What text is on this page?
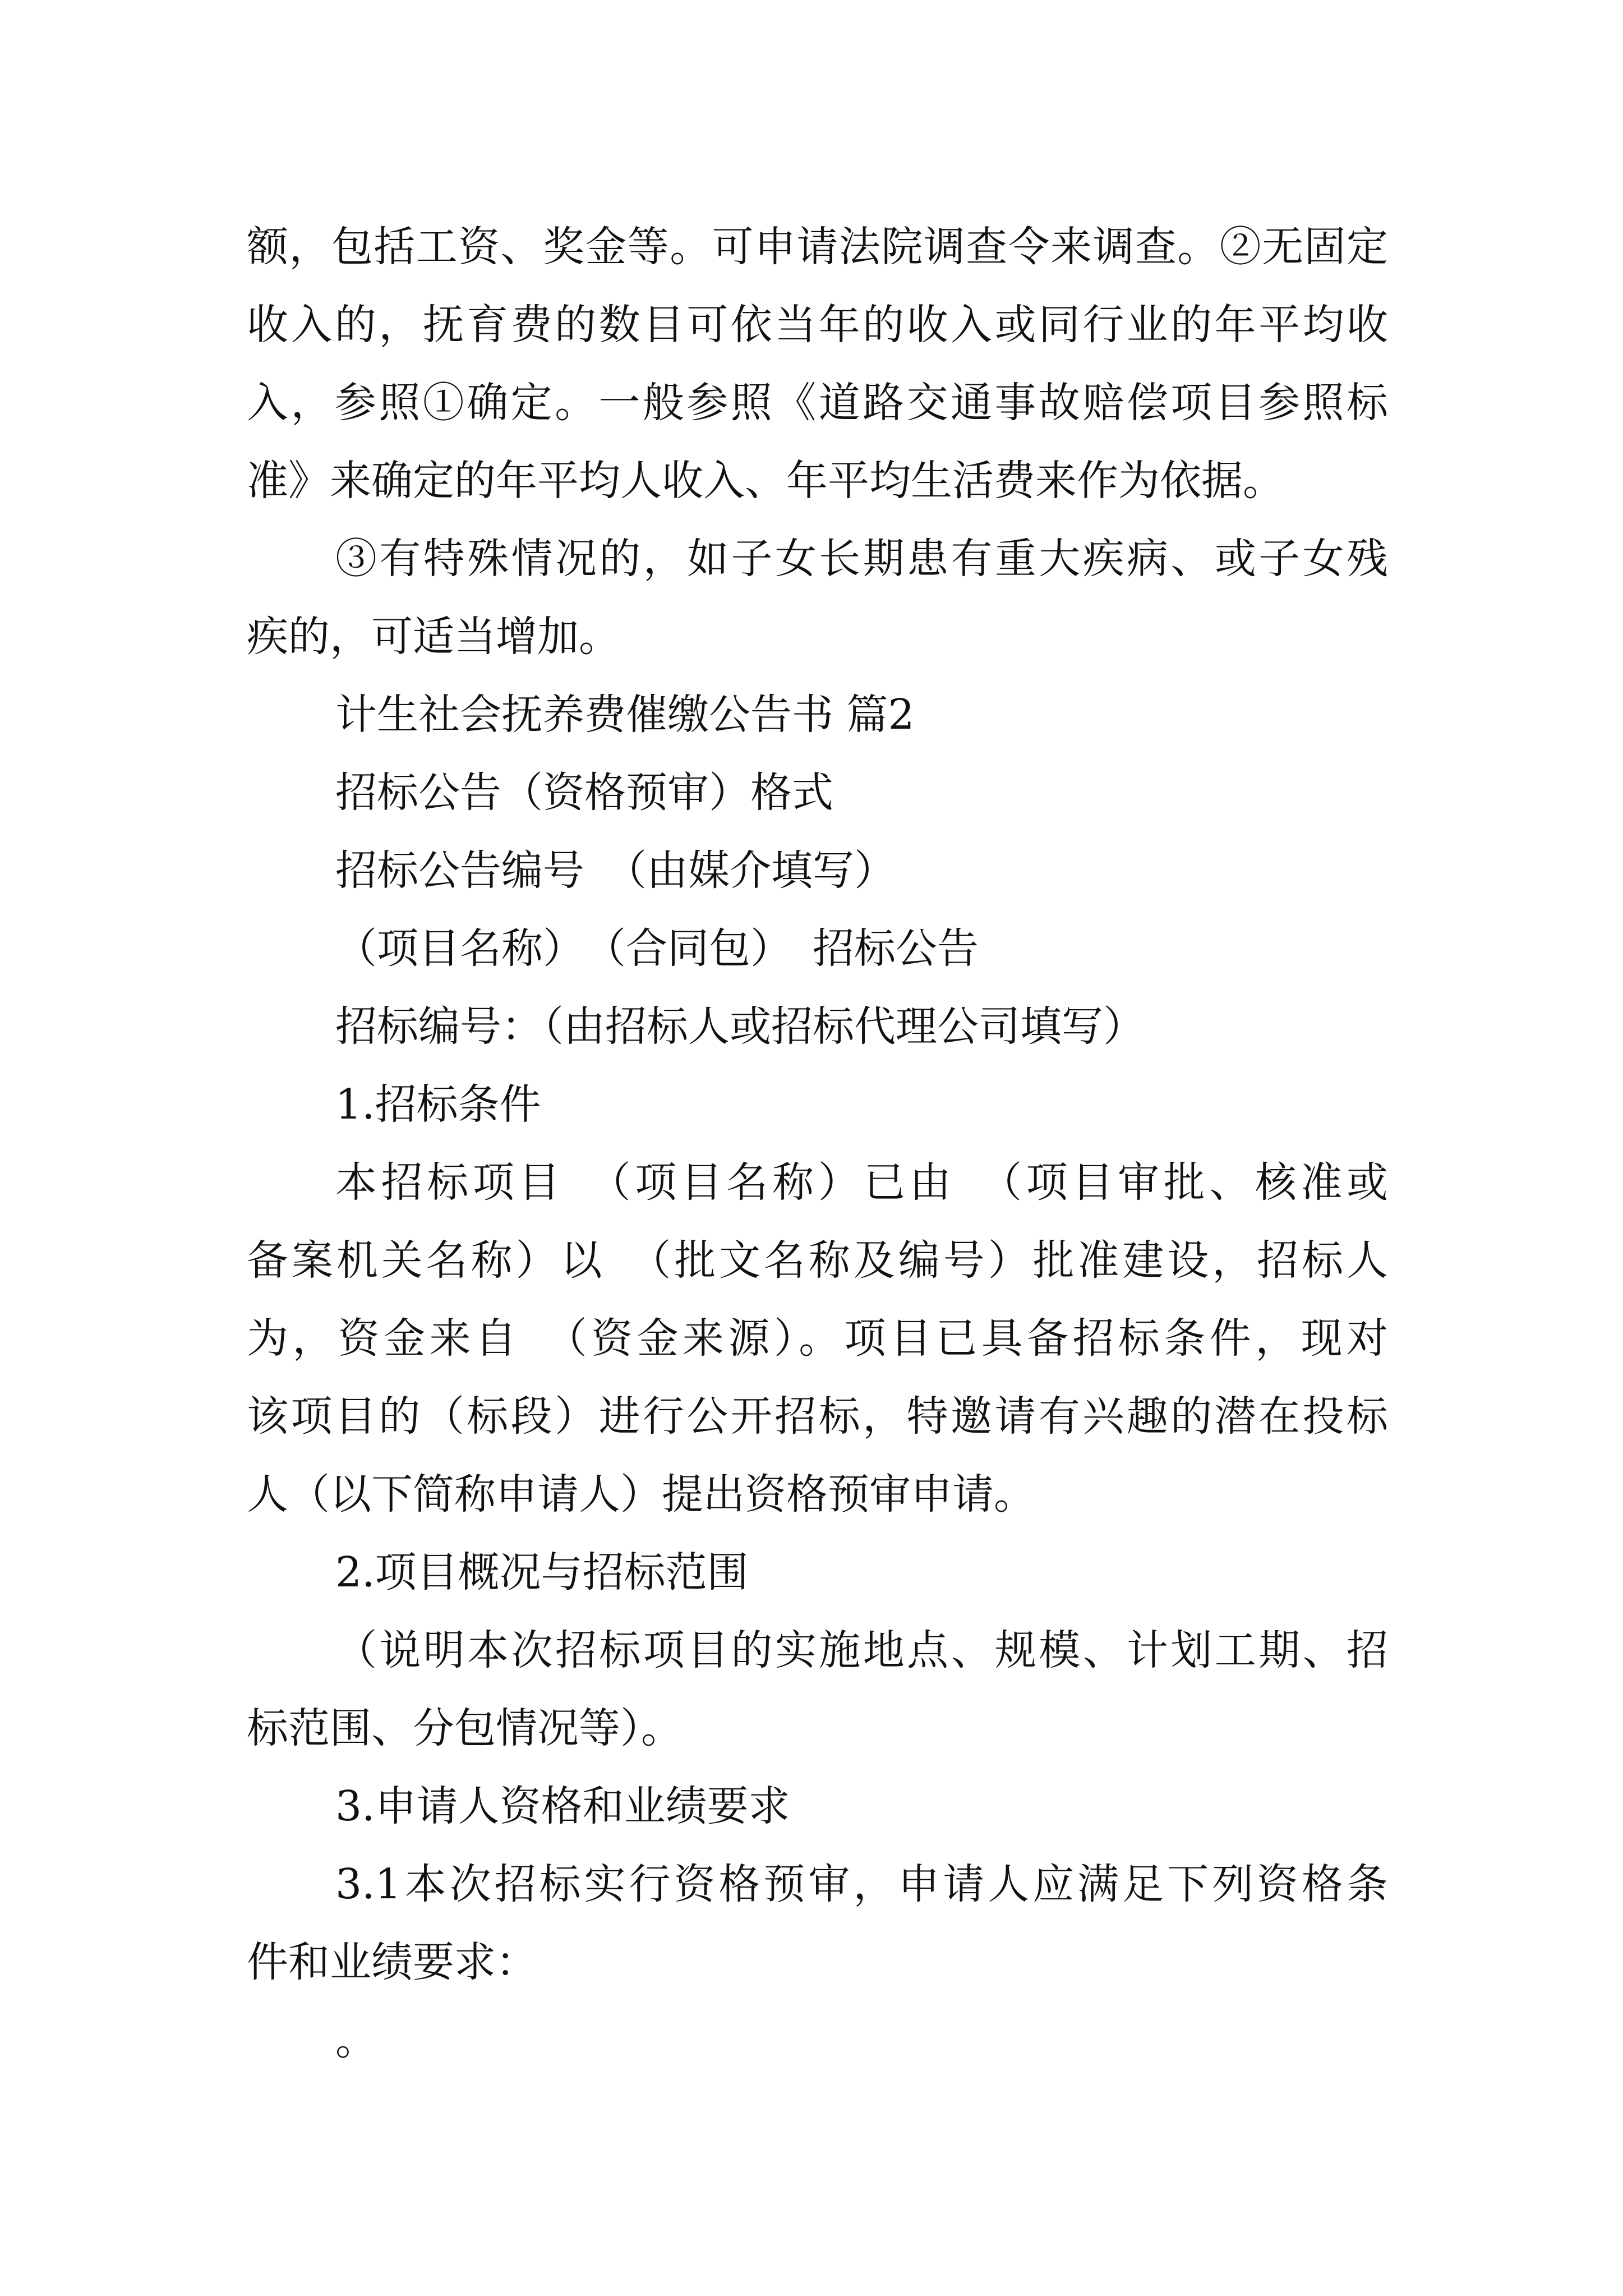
额，包括工资、奖金等。可申请法院调查令来调查。②无固定
收入的，抚育费的数目可依当年的收入或同行业的年平均收
入，参照①确定。一般参照《道路交通事故赔偿项目参照标
准》来确定的年平均人收入、年平均生活费来作为依据。
③有特殊情况的，如子女长期患有重大疾病、或子女残
疾的，可适当增加。
计生社会抚养费催缴公告书 篇2
招标公告（资格预审）格式
招标公告编号　（由媒介填写）
（项目名称）　（合同包）　招标公告
招标编号：（由招标人或招标代理公司填写）
1.招标条件
本招标项目　（项目名称）已由　（项目审批、核准或
备案机关名称）以　（批文名称及编号）批准建设，招标人
为，资金来自　（资金来源）。项目已具备招标条件，现对
该项目的（标段）进行公开招标，特邀请有兴趣的潜在投标
人（以下简称申请人）提出资格预审申请。
2.项目概况与招标范围
（说明本次招标项目的实施地点、规模、计划工期、招
标范围、分包情况等）。
3.申请人资格和业绩要求
3.1本次招标实行资格预审，申请人应满足下列资格条
件和业绩要求：
。
